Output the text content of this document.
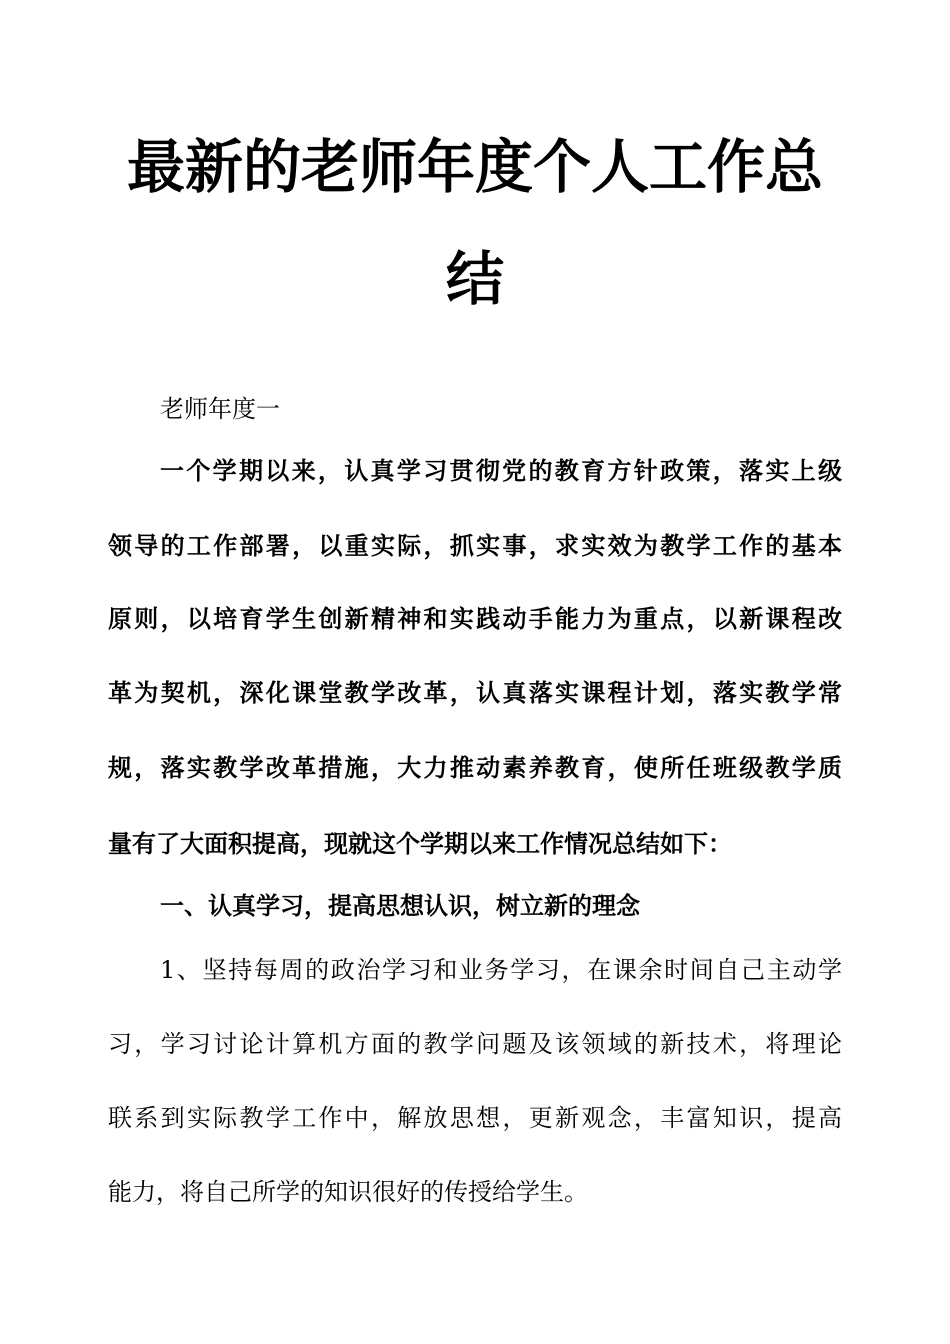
最新的老师年度个人工作总
结
老师年度一
一个学期以来，认真学习贯彻党的教育方针政策，落实上级
领导的工作部署，以重实际，抓实事，求实效为教学工作的基本
原则，以培育学生创新精神和实践动手能力为重点，以新课程改
革为契机，深化课堂教学改革，认真落实课程计划，落实教学常
规，落实教学改革措施，大力推动素养教育，使所任班级教学质
量有了大面积提高，现就这个学期以来工作情况总结如下：
一、认真学习，提高思想认识，树立新的理念
1、坚持每周的政治学习和业务学习，在课余时间自己主动学
习，学习讨论计算机方面的教学问题及该领域的新技术，将理论
联系到实际教学工作中，解放思想，更新观念，丰富知识，提高
能力，将自己所学的知识很好的传授给学生。
